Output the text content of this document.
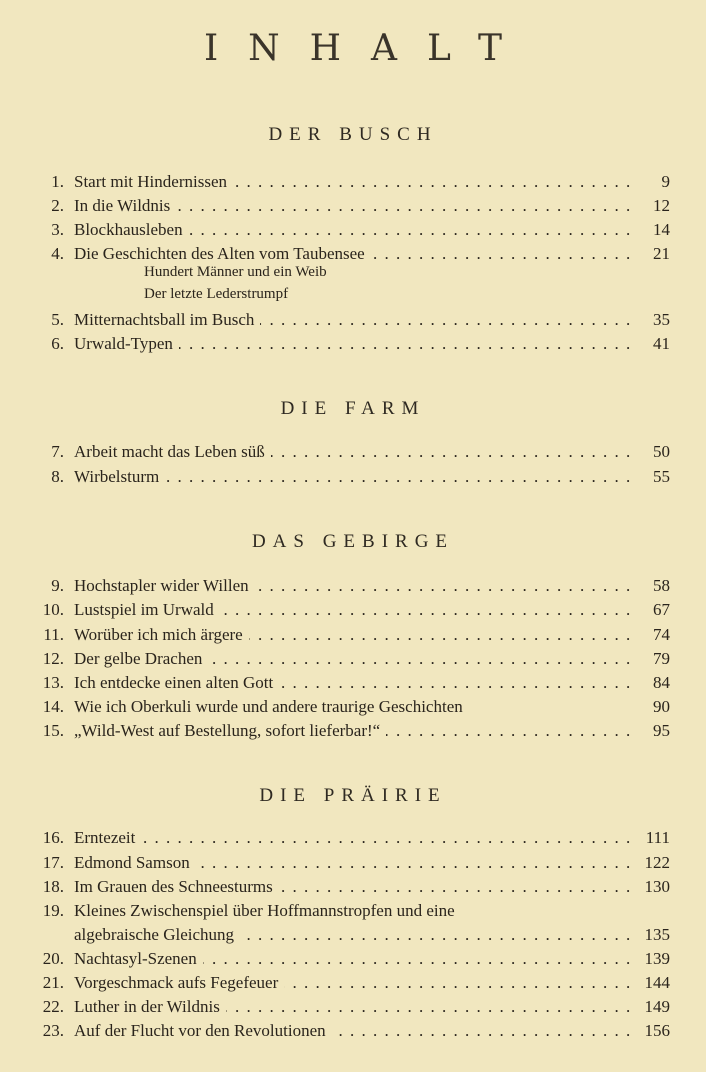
INHALT
DER BUSCH
1. Start mit Hindernissen . . .	9
2. In die Wildnis . . .	12
3. Blockhausleben . . .	14
4. Die Geschichten des Alten vom Taubensee . . .	21
Hundert Männer und ein Weib
Der letzte Lederstrumpf
5. Mitternachtsball im Busch . . .	35
6. Urwald-Typen . . .	41
DIE FARM
7. Arbeit macht das Leben süß . . .	50
8. Wirbelsturm . . .	55
DAS GEBIRGE
9. Hochstapler wider Willen . . .	58
10. Lustspiel im Urwald . . .	67
11. Worüber ich mich ärgere . . .	74
12. Der gelbe Drachen . . .	79
13. Ich entdecke einen alten Gott . . .	84
14. Wie ich Oberkuli wurde und andere traurige Geschichten	90
15. „Wild-West auf Bestellung, sofort lieferbar!“ . . .	95
DIE PRÄIRIE
16. Erntezeit . . .	111
17. Edmond Samson . . .	122
18. Im Grauen des Schneesturms . . .	130
19. Kleines Zwischenspiel über Hoffmannstropfen und eine
algebraische Gleichung . . .	135
20. Nachtasyl-Szenen . . .	139
21. Vorgeschmack aufs Fegefeuer . . .	144
22. Luther in der Wildnis . . .	149
23. Auf der Flucht vor den Revolutionen . . .	156
